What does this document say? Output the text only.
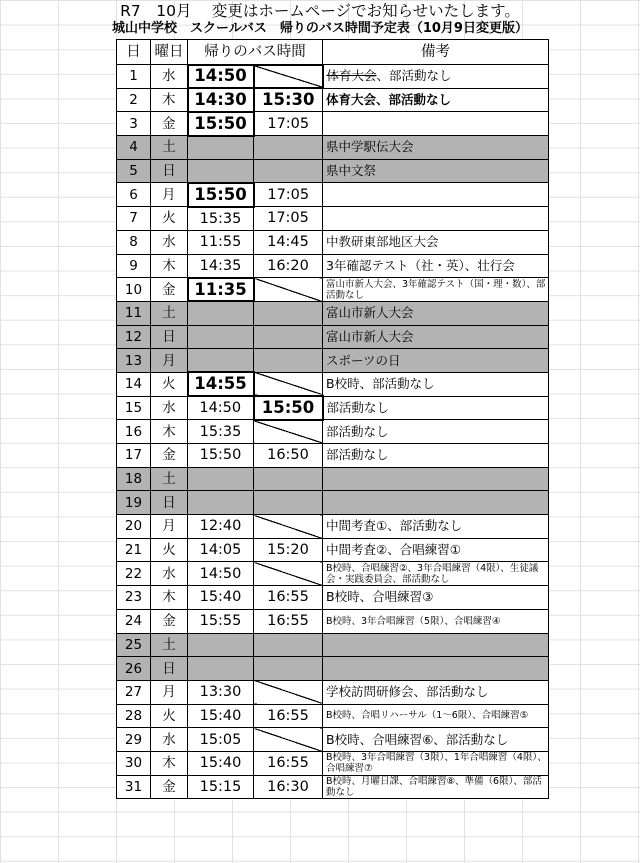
R7　10月　 変更はホームページでお知らせいたします。
城山中学校　スクールバス　帰りのバス時間予定表（10月9日変更版）
日	曜日	帰りのバス時間		備考
1	水	14:50		体育大会、部活動なし
2	木	14:30	15:30	体育大会、部活動なし
3	金	15:50	17:05	
4	土			県中学駅伝大会
5	日			県中文祭
6	月	15:50	17:05	
7	火	15:35	17:05	
8	水	11:55	14:45	中教研東部地区大会
9	木	14:35	16:20	3年確認テスト（社・英）、壮行会
10	金	11:35		富山市新人大会、3年確認テスト（国・理・数）、部活動なし
11	土			富山市新人大会
12	日			富山市新人大会
13	月			スポーツの日
14	火	14:55		B校時、部活動なし
15	水	14:50	15:50	部活動なし
16	木	15:35		部活動なし
17	金	15:50	16:50	部活動なし
18	土			
19	日			
20	月	12:40		中間考査①、部活動なし
21	火	14:05	15:20	中間考査②、合唱練習①
22	水	14:50		B校時、合唱練習②、3年合唱練習（4限）、生徒議会・実践委員会、部活動なし
23	木	15:40	16:55	B校時、合唱練習③
24	金	15:55	16:55	B校時、3年合唱練習（5限）、合唱練習④
25	土			
26	日			
27	月	13:30		学校訪問研修会、部活動なし
28	火	15:40	16:55	B校時、合唱リハーサル（1～6限）、合唱練習⑤
29	水	15:05		B校時、合唱練習⑥、部活動なし
30	木	15:40	16:55	B校時、3年合唱練習（3限）、1年合唱練習（4限）、合唱練習⑦
31	金	15:15	16:30	B校時、月曜日課、合唱練習⑧、準備（6限）、部活動なし
